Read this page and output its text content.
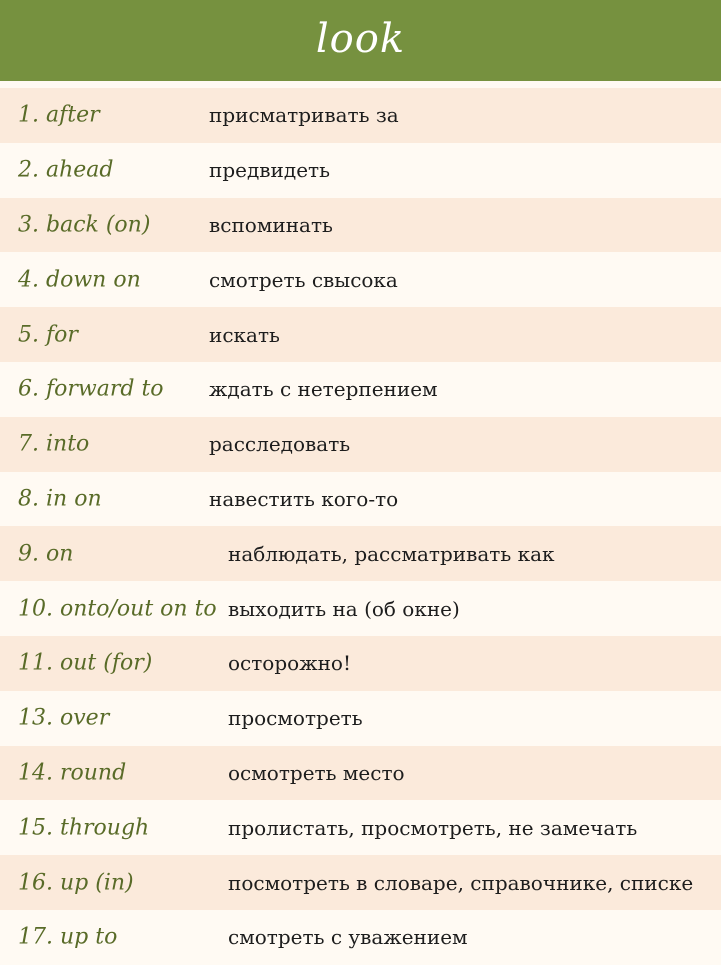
look
1. after	присматривать за
2. ahead	предвидеть
3. back (on)	вспоминать
4. down on	смотреть свысока
5. for	искать
6. forward to ждать с нетерпением
7. into	расследовать
8. in on	навестить кого-то
9. on	наблюдать, рассматривать как
10. onto/out on to выходить на (об окне)
11. out (for)	осторожно!
13. over	просмотреть
14. round	осмотреть место
15. through	пролистать, просмотреть, не замечать
16. up (in)	посмотреть в словаре, справочнике, списке
17. up to	смотреть с уважением
